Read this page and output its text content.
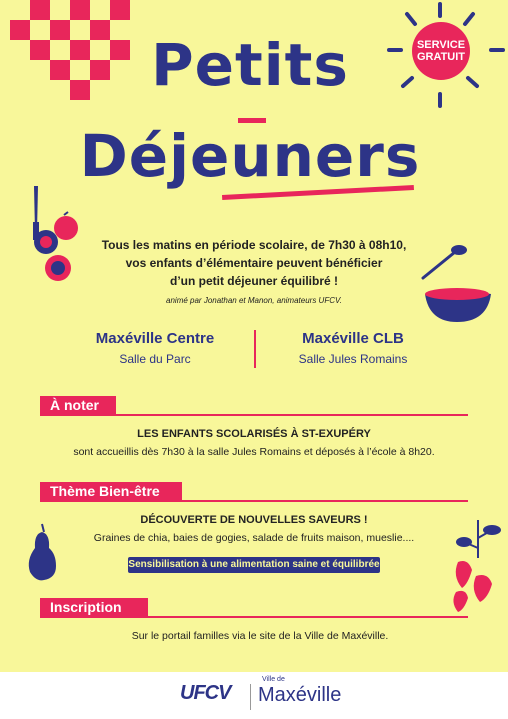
SERVICE
GRATUIT
Petits
Déjeuners
Tous les matins en période scolaire, de 7h30 à 08h10,
vos enfants d’élémentaire peuvent bénéficier
d’un petit déjeuner équilibré !
animé par Jonathan et Manon, animateurs UFCV.
Maxéville Centre
Salle du Parc
Maxéville CLB
Salle Jules Romains
À noter
LES ENFANTS SCOLARISÉS À ST-EXUPÉRY
sont accueillis dès 7h30 à la salle Jules Romains et déposés à l’école à 8h20.
Thème Bien-être
DÉCOUVERTE DE NOUVELLES SAVEURS !
Graines de chia, baies de gogies, salade de fruits maison, mueslie....
Sensibilisation à une alimentation saine et équilibrée !
Inscription
Sur le portail familles via le site de la Ville de Maxéville.
UFCV
Ville de
Maxéville
